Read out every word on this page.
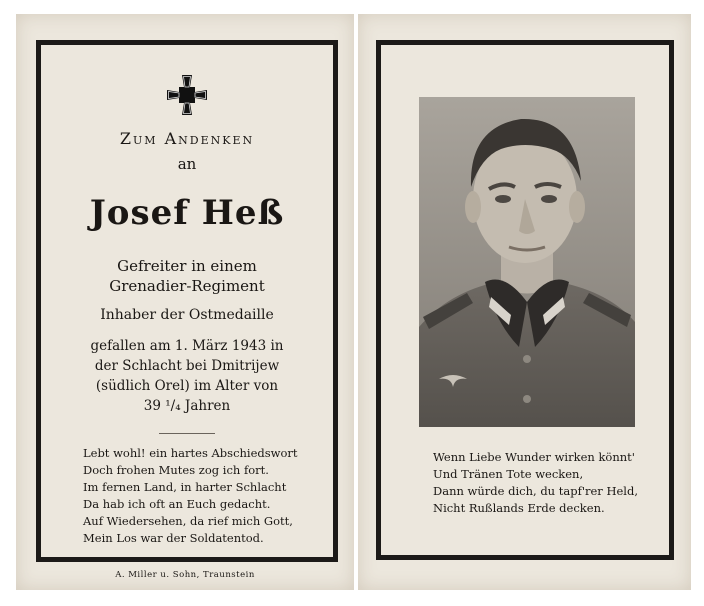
Zum Andenken
an
Josef Heß
Gefreiter in einem
Grenadier-Regiment
Inhaber der Ostmedaille
gefallen am 1. März 1943 in
der Schlacht bei Dmitrijew
(südlich Orel) im Alter von
39 ¹/₄ Jahren
Lebt wohl! ein hartes Abschiedswort
Doch frohen Mutes zog ich fort.
Im fernen Land, in harter Schlacht
Da hab ich oft an Euch gedacht.
Auf Wiedersehen, da rief mich Gott,
Mein Los war der Soldatentod.
A. Miller u. Sohn, Traunstein
Wenn Liebe Wunder wirken könnt'
Und Tränen Tote wecken,
Dann würde dich, du tapf'rer Held,
Nicht Rußlands Erde decken.
